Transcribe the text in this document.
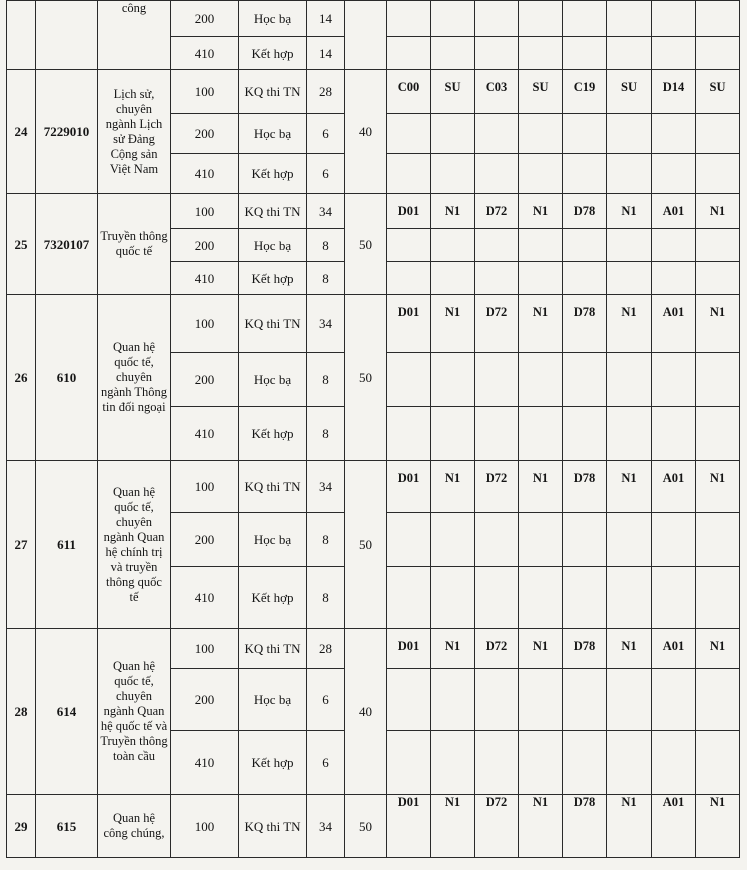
		công	200	Học bạ	14									
			410	Kết hợp	14									
24	7229010	Lịch sử, chuyên ngành Lịch sử Đảng Cộng sản Việt Nam	100	KQ thi TN	28	40	C00	SU	C03	SU	C19	SU	D14	SU
			200	Học bạ	6									
			410	Kết hợp	6									
25	7320107	Truyền thông quốc tế	100	KQ thi TN	34	50	D01	N1	D72	N1	D78	N1	A01	N1
			200	Học bạ	8									
			410	Kết hợp	8									
26	610	Quan hệ quốc tế, chuyên ngành Thông tin đối ngoại	100	KQ thi TN	34	50	D01	N1	D72	N1	D78	N1	A01	N1
			200	Học bạ	8									
			410	Kết hợp	8									
27	611	Quan hệ quốc tế, chuyên ngành Quan hệ chính trị và truyền thông quốc tế	100	KQ thi TN	34	50	D01	N1	D72	N1	D78	N1	A01	N1
			200	Học bạ	8									
			410	Kết hợp	8									
28	614	Quan hệ quốc tế, chuyên ngành Quan hệ quốc tế và Truyền thông toàn cầu	100	KQ thi TN	28	40	D01	N1	D72	N1	D78	N1	A01	N1
			200	Học bạ	6									
			410	Kết hợp	6									
29	615	Quan hệ công chúng,	100	KQ thi TN	34	50	D01	N1	D72	N1	D78	N1	A01	N1
